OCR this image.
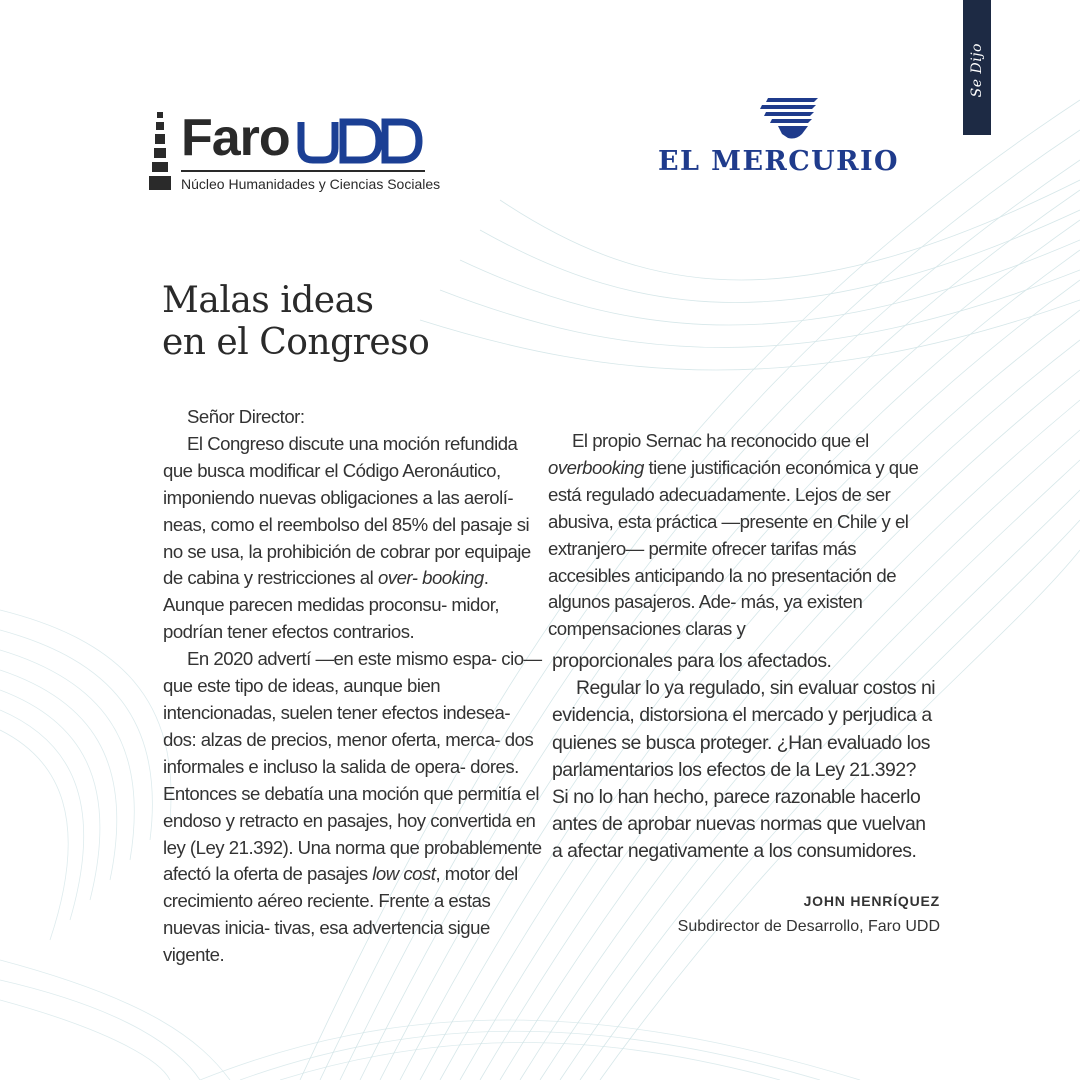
Se Dijo
Faro
Núcleo Humanidades y Ciencias Sociales
EL MERCURIO
Malas ideas
en el Congreso

Señor Director:

El Congreso discute una moción refundida que busca modificar el Código Aeronáutico, imponiendo nuevas obligaciones a las aerolí- neas, como el reembolso del 85% del pasaje si no se usa, la prohibición de cobrar por equipaje de cabina y restricciones al over- booking. Aunque parecen medidas proconsu- midor, podrían tener efectos contrarios.

En 2020 advertí —en este mismo espa- cio— que este tipo de ideas, aunque bien intencionadas, suelen tener efectos indesea- dos: alzas de precios, menor oferta, merca- dos informales e incluso la salida de opera- dores. Entonces se debatía una moción que permitía el endoso y retracto en pasajes, hoy convertida en ley (Ley 21.392). Una norma que probablemente afectó la oferta de pasajes low cost, motor del crecimiento aéreo reciente. Frente a estas nuevas inicia- tivas, esa advertencia sigue vigente.

El propio Sernac ha reconocido que el overbooking tiene justificación económica y que está regulado adecuadamente. Lejos de ser abusiva, esta práctica —presente en Chile y el extranjero— permite ofrecer tarifas más accesibles anticipando la no presentación de algunos pasajeros. Ade- más, ya existen compensaciones claras y

proporcionales para los afectados.

Regular lo ya regulado, sin evaluar costos ni evidencia, distorsiona el mercado y perjudica a quienes se busca proteger. ¿Han evaluado los parlamentarios los efectos de la Ley 21.392? Si no lo han hecho, parece razonable hacerlo antes de aprobar nuevas normas que vuelvan a afectar negativamente a los consumidores.

JOHN HENRÍQUEZ
Subdirector de Desarrollo, Faro UDD
